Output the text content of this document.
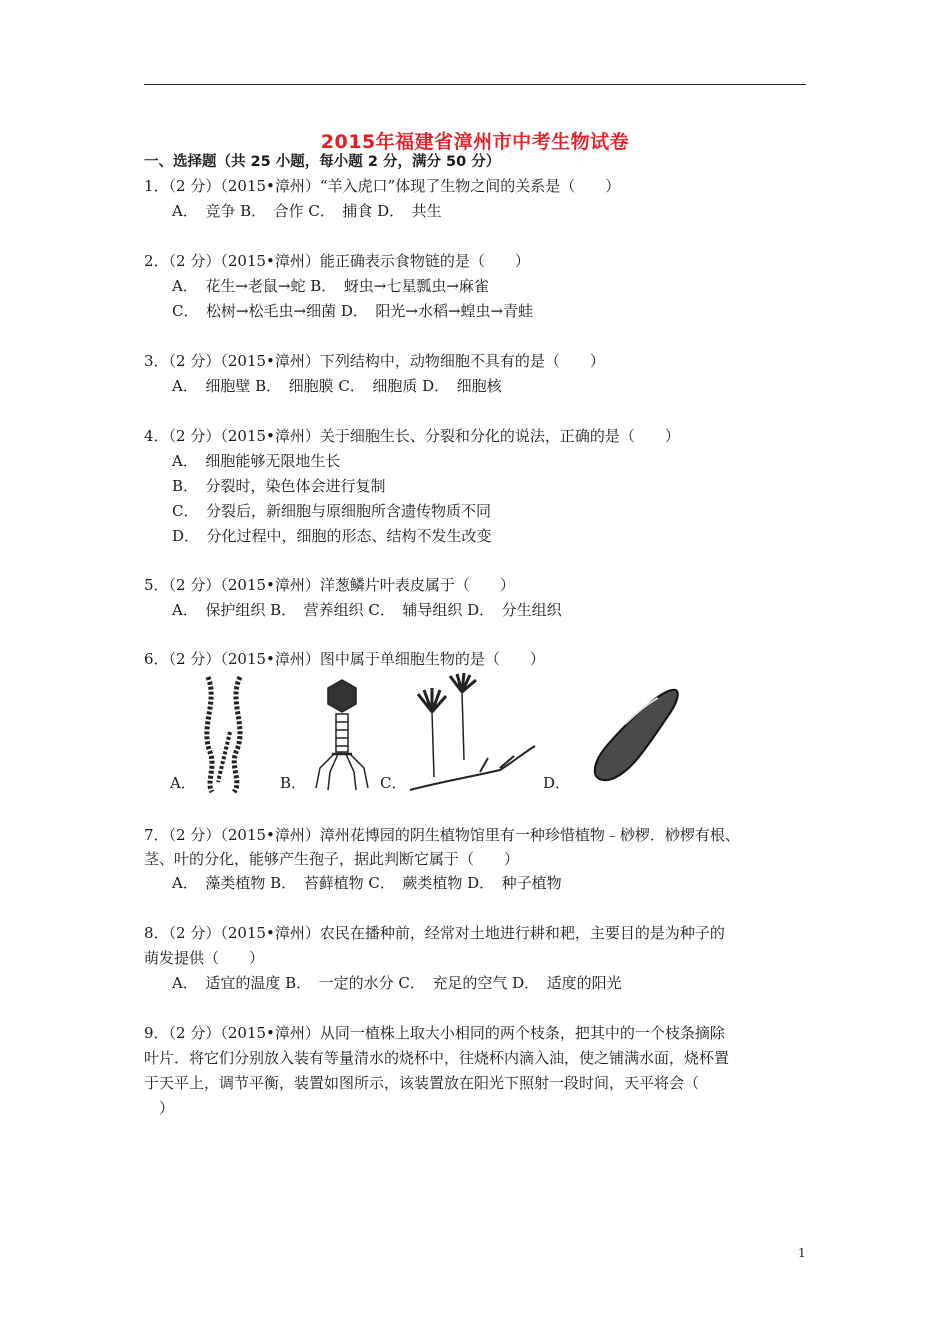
2015年福建省漳州市中考生物试卷
一、选择题（共 25 小题，每小题 2 分，满分 50 分）
1．（2 分）（2015•漳州）“羊入虎口”体现了生物之间的关系是（　　）
A．　竞争 B．　合作 C．　捕食 D．　共生
2．（2 分）（2015•漳州）能正确表示食物链的是（　　）
A．　花生→老鼠→蛇 B．　蚜虫→七星瓢虫→麻雀
C．　松树→松毛虫→细菌 D．　阳光→水稻→蝗虫→青蛙
3．（2 分）（2015•漳州）下列结构中，动物细胞不具有的是（　　）
A．　细胞壁 B．　细胞膜 C．　细胞质 D．　细胞核
4．（2 分）（2015•漳州）关于细胞生长、分裂和分化的说法，正确的是（　　）
A．　细胞能够无限地生长
B．　分裂时，染色体会进行复制
C．　分裂后，新细胞与原细胞所含遗传物质不同
D．　分化过程中，细胞的形态、结构不发生改变
5．（2 分）（2015•漳州）洋葱鳞片叶表皮属于（　　）
A．　保护组织 B．　营养组织 C．　辅导组织 D．　分生组织
6．（2 分）（2015•漳州）图中属于单细胞生物的是（　　）
A．	B．	C．	D．
7．（2 分）（2015•漳州）漳州花博园的阴生植物馆里有一种珍惜植物﹣桫椤．桫椤有根、
茎、叶的分化，能够产生孢子，据此判断它属于（　　）
A．　藻类植物 B．　苔藓植物 C．　蕨类植物 D．　种子植物
8．（2 分）（2015•漳州）农民在播种前，经常对土地进行耕和耙，主要目的是为种子的
萌发提供（　　）
A．　适宜的温度 B．　一定的水分 C．　充足的空气 D．　适度的阳光
9．（2 分）（2015•漳州）从同一植株上取大小相同的两个枝条，把其中的一个枝条摘除
叶片．将它们分别放入装有等量清水的烧杯中，往烧杯内滴入油，使之铺满水面，烧杯置
于天平上，调节平衡，装置如图所示，该装置放在阳光下照射一段时间，天平将会（
　）
1
